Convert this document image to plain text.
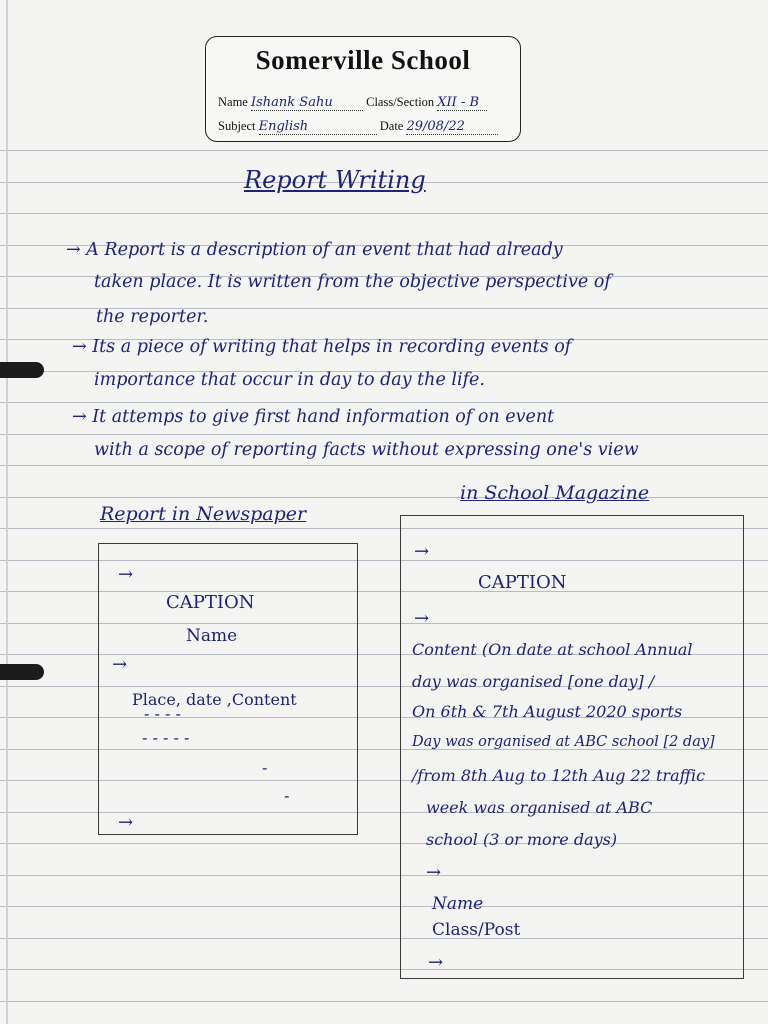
Somerville School
Name Ishank Sahu	Class/Section XII - B
Subject English	Date 29/08/22
Report Writing
→ A Report is a description of an event that had already
taken place. It is written from the objective perspective of
the reporter.
→ Its a piece of writing that helps in recording events of
importance that occur in day to day the life.
→ It attemps to give first hand information of on event
with a scope of reporting facts without expressing one's view
Report in Newspaper
in School Magazine
→
CAPTION
Name
→
Place, date ,Content
- - - -
- - - - -
-
-
→
→
CAPTION
→
Content (On date at school Annual
day was organised [one day] /
On 6th & 7th August 2020 sports
Day was organised at ABC school [2 day]
/from 8th Aug to 12th Aug 22 traffic
week was organised at ABC
school (3 or more days)
→
Name
Class/Post
→
